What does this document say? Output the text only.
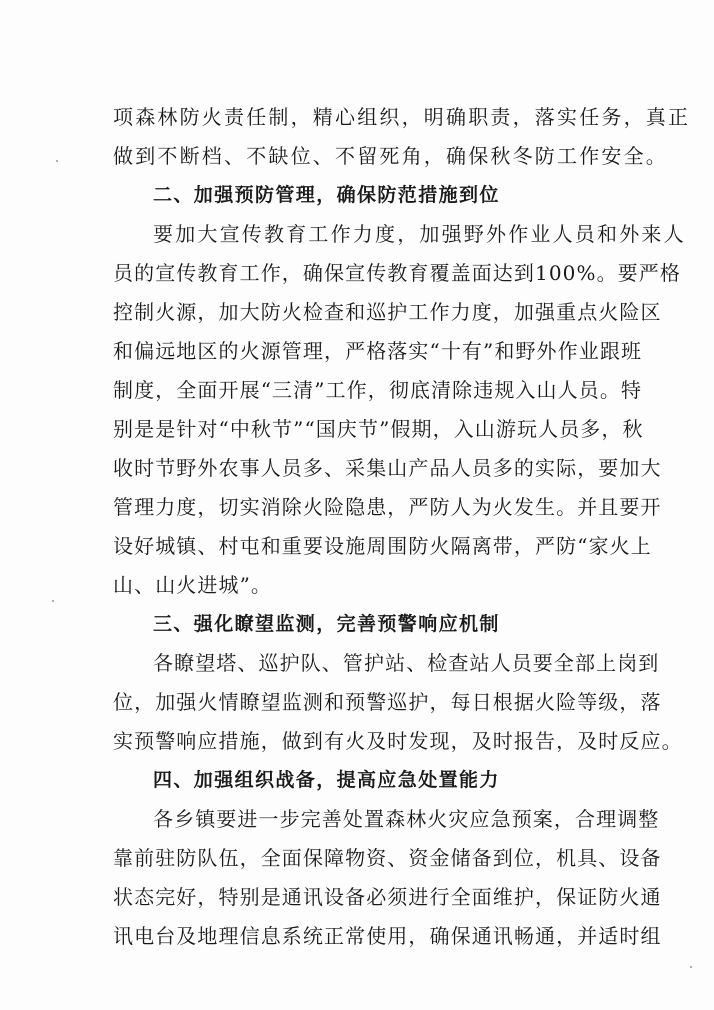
项森林防火责任制，精心组织，明确职责，落实任务，真正
做到不断档、不缺位、不留死角，确保秋冬防工作安全。
二、加强预防管理，确保防范措施到位
要加大宣传教育工作力度，加强野外作业人员和外来人
员的宣传教育工作，确保宣传教育覆盖面达到100%。要严格
控制火源，加大防火检查和巡护工作力度，加强重点火险区
和偏远地区的火源管理，严格落实“十有”和野外作业跟班
制度，全面开展“三清”工作，彻底清除违规入山人员。特
别是是针对“中秋节”“国庆节”假期，入山游玩人员多，秋
收时节野外农事人员多、采集山产品人员多的实际，要加大
管理力度，切实消除火险隐患，严防人为火发生。并且要开
设好城镇、村屯和重要设施周围防火隔离带，严防“家火上
山、山火进城”。
三、强化瞭望监测，完善预警响应机制
各瞭望塔、巡护队、管护站、检查站人员要全部上岗到
位，加强火情瞭望监测和预警巡护，每日根据火险等级，落
实预警响应措施，做到有火及时发现，及时报告，及时反应。
四、加强组织战备，提高应急处置能力
各乡镇要进一步完善处置森林火灾应急预案，合理调整
靠前驻防队伍，全面保障物资、资金储备到位，机具、设备
状态完好，特别是通讯设备必须进行全面维护，保证防火通
讯电台及地理信息系统正常使用，确保通讯畅通，并适时组
